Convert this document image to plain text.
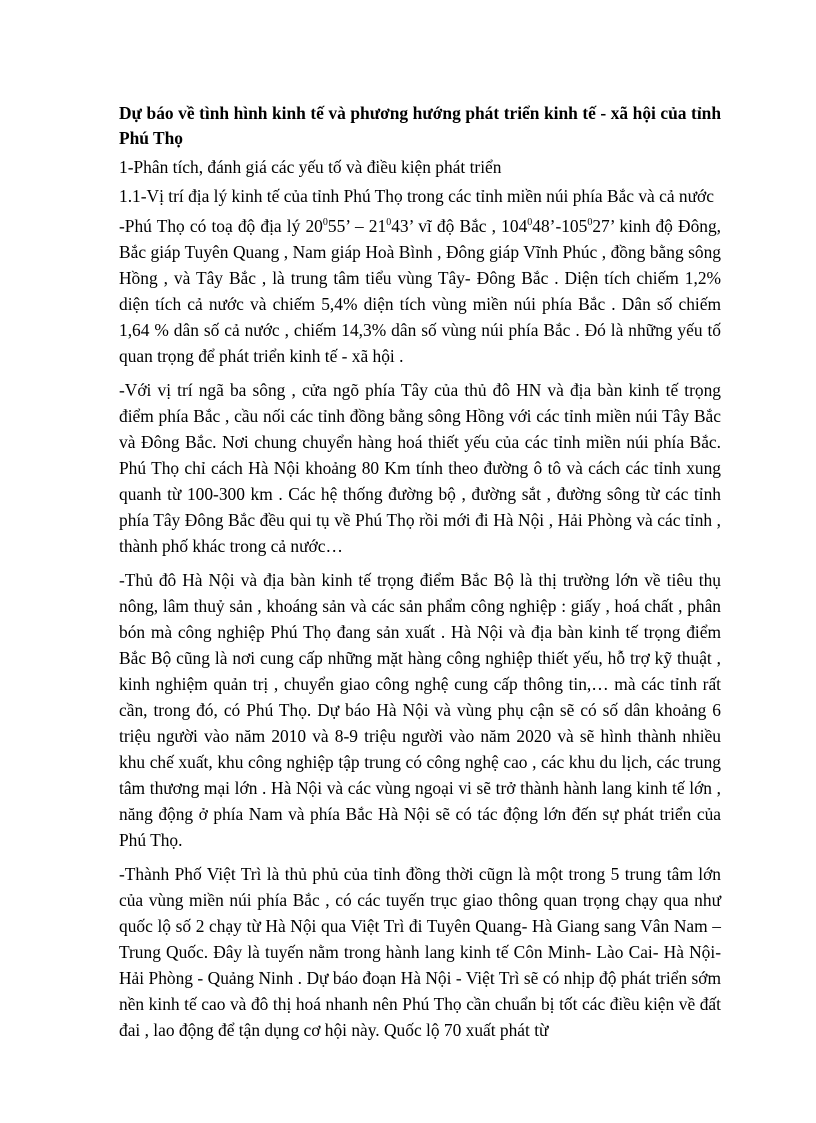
Dự báo về tình hình kinh tế và phương hướng phát triển kinh tế - xã hội của tỉnh Phú Thọ
1-Phân tích, đánh giá các yếu tố và điều kiện phát triển
1.1-Vị trí địa lý kinh tế của tỉnh Phú Thọ trong các tỉnh miền núi phía Bắc và cả nước

-Phú Thọ có toạ độ địa lý $20^055$’ – $21^043$’ vĩ độ Bắc , $104^048’-105^027$’ kinh độ Đông, Bắc giáp Tuyên Quang , Nam giáp Hoà Bình , Đông giáp Vĩnh Phúc , đồng bằng sông Hồng , và Tây Bắc , là trung tâm tiểu vùng Tây- Đông Bắc . Diện tích chiếm 1,2% diện tích cả nước và chiếm 5,4% diện tích vùng miền núi phía Bắc . Dân số chiếm 1,64 % dân số cả nước , chiếm 14,3% dân số vùng núi phía Bắc . Đó là những yếu tố quan trọng để phát triển kinh tế - xã hội .

-Với vị trí ngã ba sông , cửa ngõ phía Tây của thủ đô HN và địa bàn kinh tế trọng điểm phía Bắc , cầu nối các tỉnh đồng bằng sông Hồng với các tỉnh miền núi Tây Bắc và Đông Bắc. Nơi chung chuyển hàng hoá thiết yếu của các tỉnh miền núi phía Bắc. Phú Thọ chỉ cách Hà Nội khoảng 80 Km tính theo đường ô tô và cách các tỉnh xung quanh từ 100-300 km . Các hệ thống đường bộ , đường sắt , đường sông từ các tỉnh phía Tây Đông Bắc đều qui tụ về Phú Thọ rồi mới đi Hà Nội , Hải Phòng và các tỉnh , thành phố khác trong cả nước…

-Thủ đô Hà Nội và địa bàn kinh tế trọng điểm Bắc Bộ là thị trường lớn về tiêu thụ nông, lâm thuỷ sản , khoáng sản và các sản phẩm công nghiệp : giấy , hoá chất , phân bón mà công nghiệp Phú Thọ đang sản xuất . Hà Nội và địa bàn kinh tế trọng điểm Bắc Bộ cũng là nơi cung cấp những mặt hàng công nghiệp thiết yếu, hỗ trợ kỹ thuật , kinh nghiệm quản trị , chuyển giao công nghệ cung cấp thông tin,… mà các tỉnh rất cần, trong đó, có Phú Thọ. Dự báo Hà Nội và vùng phụ cận sẽ có số dân khoảng 6 triệu người vào năm 2010 và 8-9 triệu người vào năm 2020 và sẽ hình thành nhiều khu chế xuất, khu công nghiệp tập trung có công nghệ cao , các khu du lịch, các trung tâm thương mại lớn . Hà Nội và các vùng ngoại vi sẽ trở thành hành lang kinh tế lớn , năng động ở phía Nam và phía Bắc Hà Nội sẽ có tác động lớn đến sự phát triển của Phú Thọ.

-Thành Phố Việt Trì là thủ phủ của tỉnh đồng thời cũgn là một trong 5 trung tâm lớn của vùng miền núi phía Bắc , có các tuyến trục giao thông quan trọng chạy qua như quốc lộ số 2 chạy từ Hà Nội qua Việt Trì đi Tuyên Quang- Hà Giang sang Vân Nam – Trung Quốc. Đây là tuyến nằm trong hành lang kinh tế Côn Minh- Lào Cai- Hà Nội- Hải Phòng - Quảng Ninh . Dự báo đoạn Hà Nội - Việt Trì sẽ có nhịp độ phát triển sớm nền kinh tế cao và đô thị hoá nhanh nên Phú Thọ cần chuẩn bị tốt các điều kiện về đất đai , lao động để tận dụng cơ hội này. Quốc lộ 70 xuất phát từ
